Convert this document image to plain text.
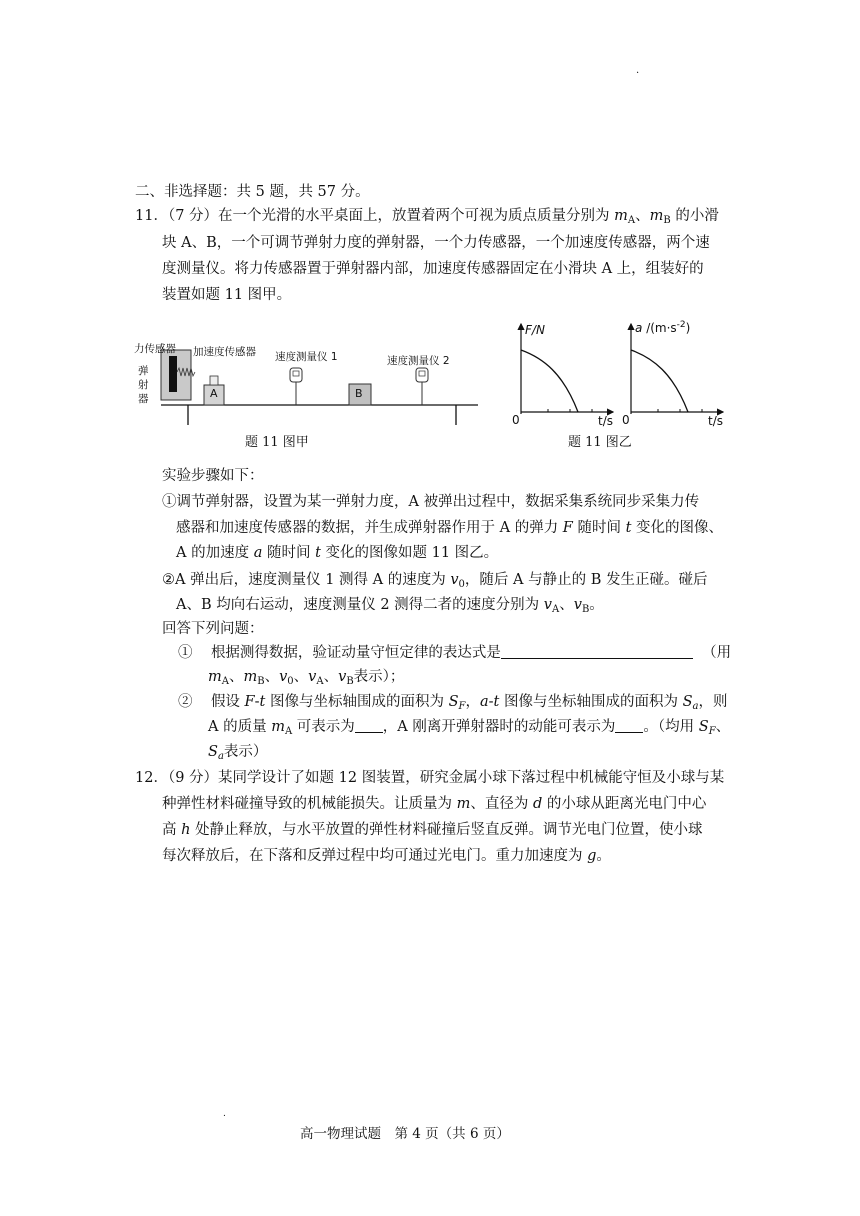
.
二、非选择题：共 5 题，共 57 分。
11．（7 分）在一个光滑的水平桌面上，放置着两个可视为质点质量分别为 $m_A$、$m_B$ 的小滑
块 A、B，一个可调节弹射力度的弹射器，一个力传感器，一个加速度传感器，两个速
度测量仪。将力传感器置于弹射器内部，加速度传感器固定在小滑块 A 上，组装好的
装置如题 11 图甲。
力传感器 加速度传感器 速度测量仪 1	速度测量仪 2
弹
射
器	A	B
题 11 图甲
F/N
0	t/s
a $/(m\cdot s^{-2})$
0	t/s
题 11 图乙
实验步骤如下：
①调节弹射器，设置为某一弹射力度，A 被弹出过程中，数据采集系统同步采集力传
感器和加速度传感器的数据，并生成弹射器作用于 A 的弹力 F 随时间 t 变化的图像、
A 的加速度 a 随时间 t 变化的图像如题 11 图乙。
②A 弹出后，速度测量仪 1 测得 A 的速度为 $v_0$，随后 A 与静止的 B 发生正碰。碰后
A、B 均向右运动，速度测量仪 2 测得二者的速度分别为 $v_A$、$v_B$。
回答下列问题：
① 根据测得数据，验证动量守恒定律的表达式是	（用
$m_A$、$m_B$、$v_0$、$v_A$、$v_B$表示）；
② 假设 F-t 图像与坐标轴围成的面积为 $S_F$，a-t 图像与坐标轴围成的面积为 $S_a$，则
A 的质量 $m_A$ 可表示为 ，A 刚离开弹射器时的动能可表示为 。（均用 $S_F$、
$S_a$表示）
12．（9 分）某同学设计了如题 12 图装置，研究金属小球下落过程中机械能守恒及小球与某
种弹性材料碰撞导致的机械能损失。让质量为 m、直径为 d 的小球从距离光电门中心
高 h 处静止释放，与水平放置的弹性材料碰撞后竖直反弹。调节光电门位置，使小球
每次释放后，在下落和反弹过程中均可通过光电门。重力加速度为 g。
.
高一物理试题　第 4 页（共 6 页）
